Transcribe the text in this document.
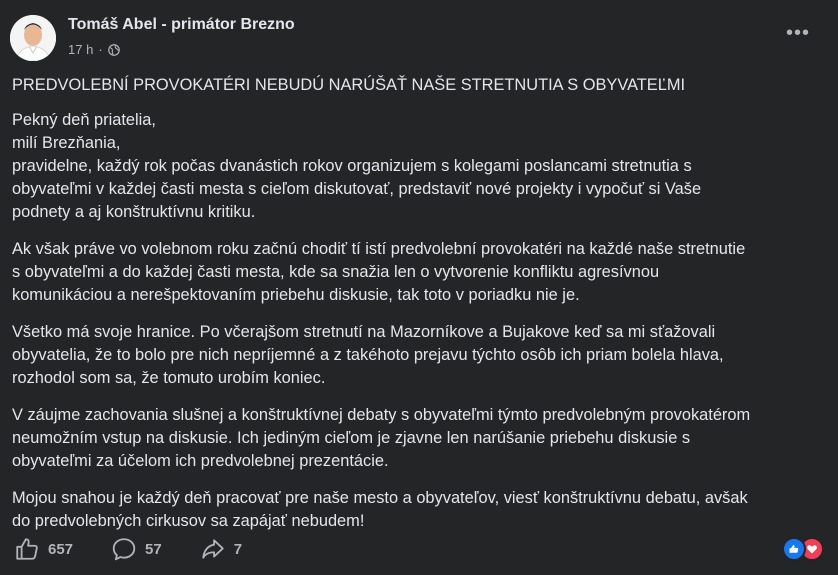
Tomáš Abel - primátor Brezno
17 h ·
•••

PREDVOLEBNÍ PROVOKATÉRI NEBUDÚ NARÚŠAŤ NAŠE STRETNUTIA S OBYVATEĽMI

Pekný deň priatelia,
milí Brezňania,
pravidelne, každý rok počas dvanástich rokov organizujem s kolegami poslancami stretnutia s
obyvateľmi v každej časti mesta s cieľom diskutovať, predstaviť nové projekty i vypočuť si Vaše
podnety a aj konštruktívnu kritiku.

Ak však práve vo volebnom roku začnú chodiť tí istí predvolební provokatéri na každé naše stretnutie
s obyvateľmi a do každej časti mesta, kde sa snažia len o vytvorenie konfliktu agresívnou
komunikáciou a nerešpektovaním priebehu diskusie, tak toto v poriadku nie je.

Všetko má svoje hranice. Po včerajšom stretnutí na Mazorníkove a Bujakove keď sa mi sťažovali
obyvatelia, že to bolo pre nich nepríjemné a z takéhoto prejavu týchto osôb ich priam bolela hlava,
rozhodol som sa, že tomuto urobím koniec.

V záujme zachovania slušnej a konštruktívnej debaty s obyvateľmi týmto predvolebným provokatérom
neumožním vstup na diskusie. Ich jediným cieľom je zjavne len narúšanie priebehu diskusie s
obyvateľmi za účelom ich predvolebnej prezentácie.

Mojou snahou je každý deň pracovať pre naše mesto a obyvateľov, viesť konštruktívnu debatu, avšak
do predvolebných cirkusov sa zapájať nebudem!

657	57	7
